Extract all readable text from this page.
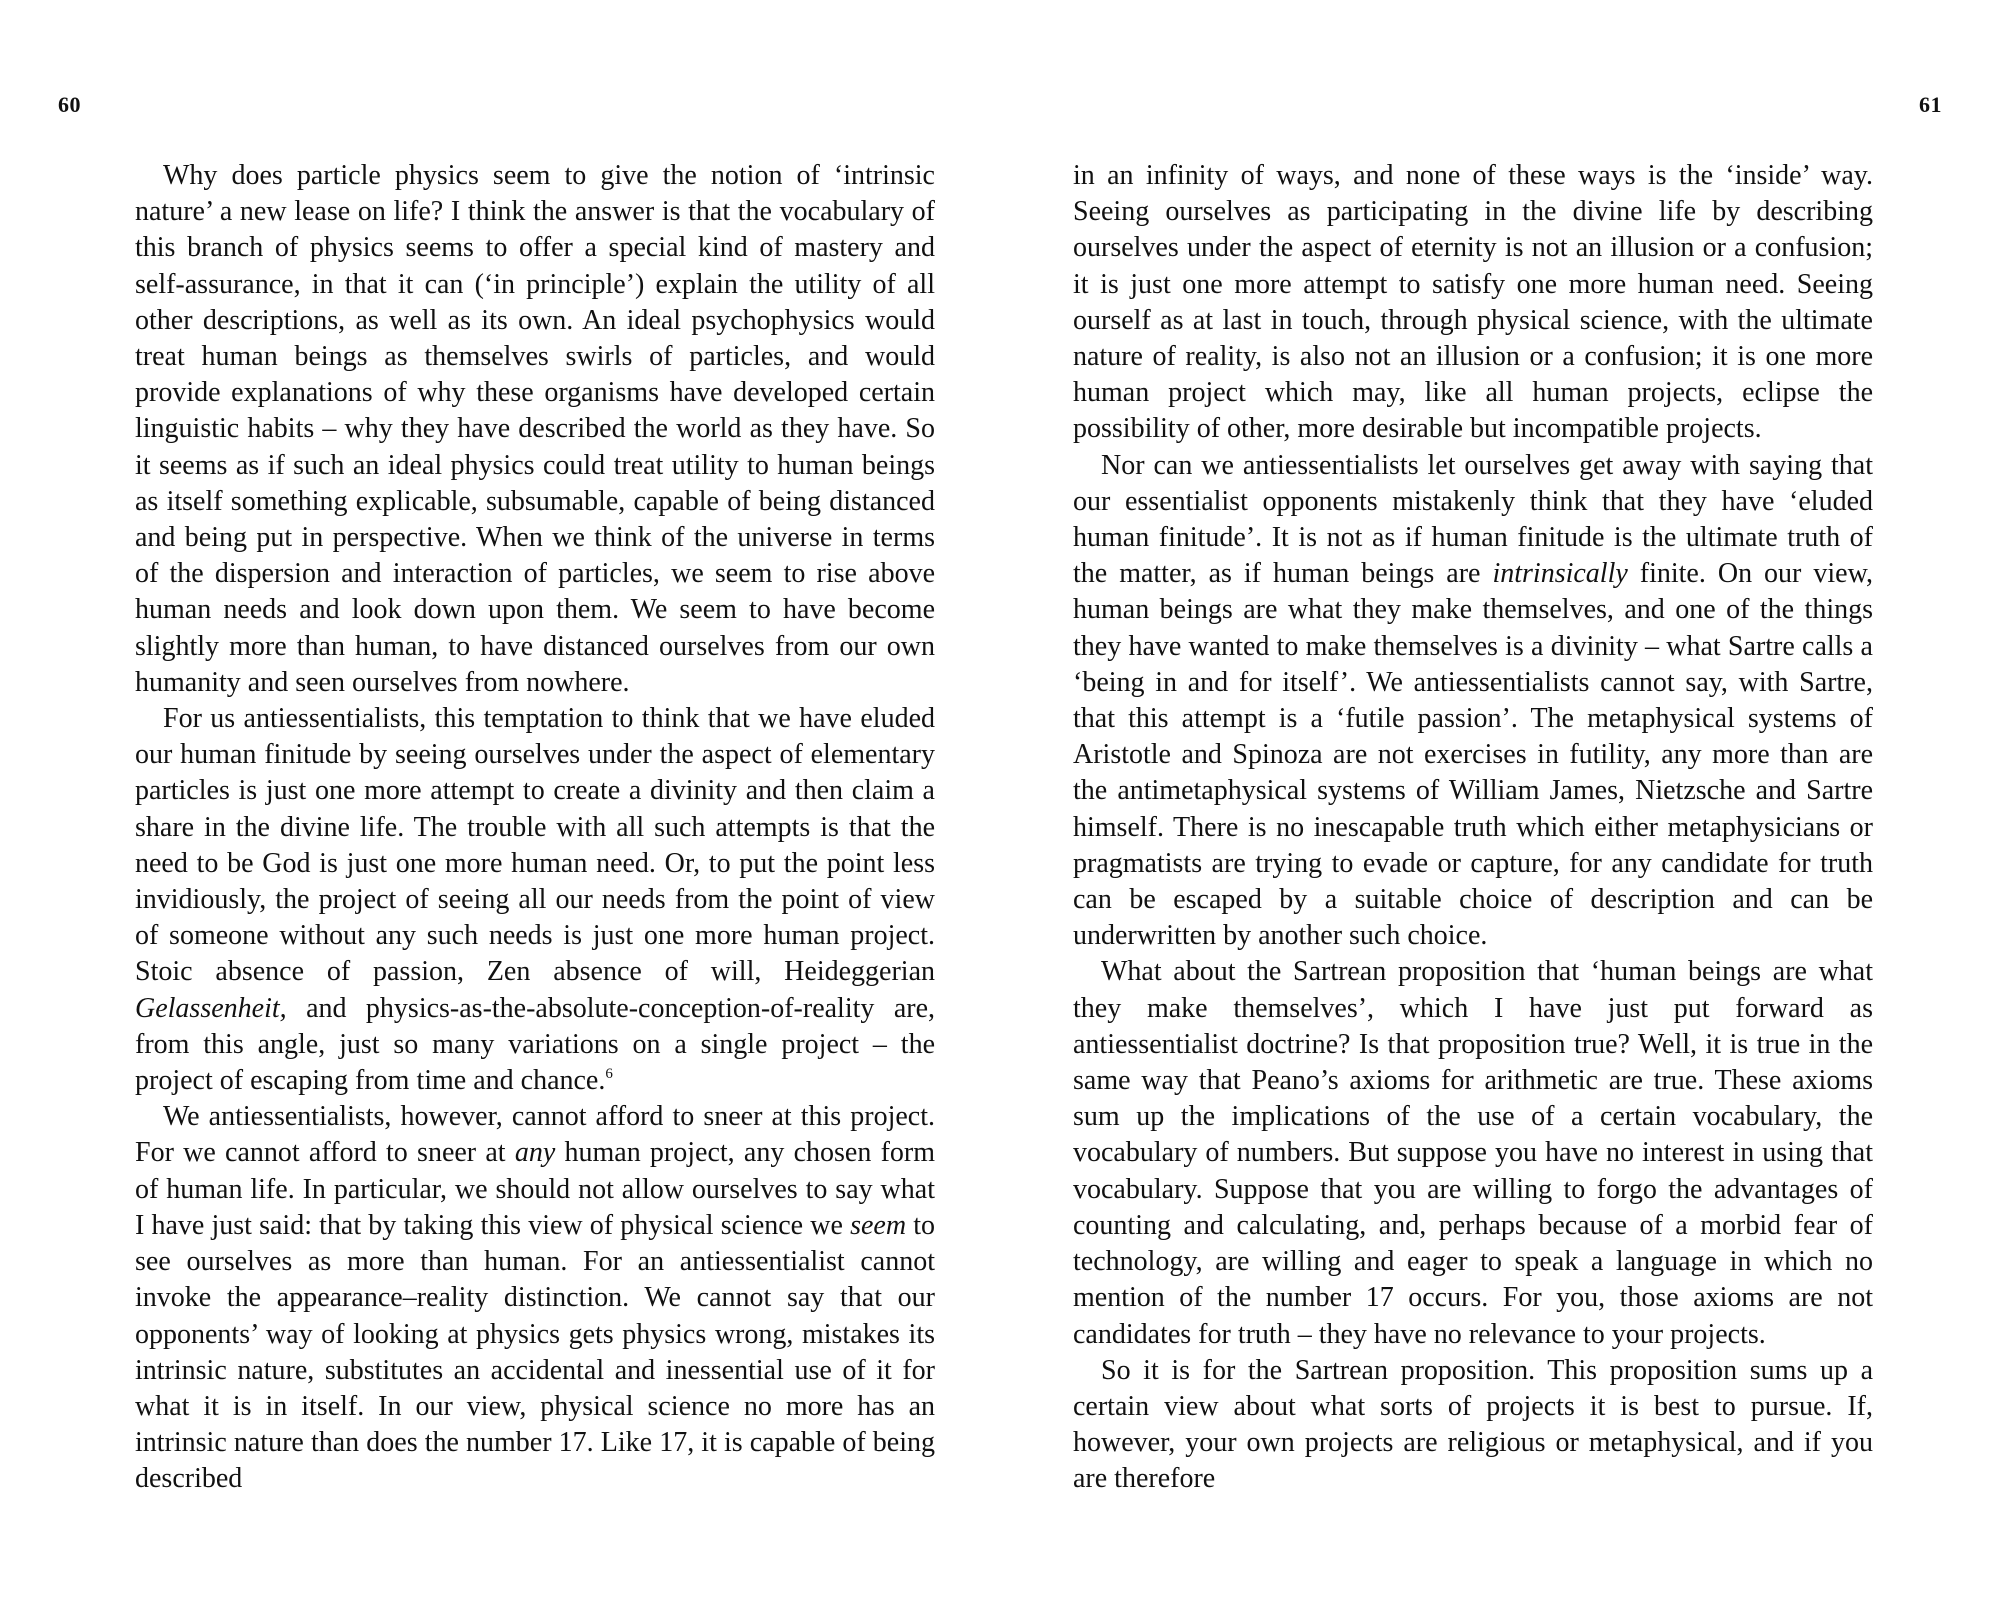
60	61

Why does particle physics seem to give the notion of ‘intrinsic nature’ a new lease on life? I think the answer is that the vocabulary of this branch of physics seems to offer a special kind of mastery and self-assurance, in that it can (‘in principle’) explain the utility of all other descriptions, as well as its own. An ideal psychophysics would treat human beings as themselves swirls of particles, and would provide explanations of why these organisms have developed certain linguistic habits – why they have described the world as they have. So it seems as if such an ideal physics could treat utility to human beings as itself something explicable, subsumable, capable of being distanced and being put in perspective. When we think of the universe in terms of the dispersion and interaction of particles, we seem to rise above human needs and look down upon them. We seem to have become slightly more than human, to have distanced ourselves from our own humanity and seen ourselves from nowhere.

For us antiessentialists, this temptation to think that we have eluded our human finitude by seeing ourselves under the aspect of elementary particles is just one more attempt to create a divinity and then claim a share in the divine life. The trouble with all such attempts is that the need to be God is just one more human need. Or, to put the point less invidiously, the project of seeing all our needs from the point of view of someone without any such needs is just one more human project. Stoic absence of passion, Zen absence of will, Heideggerian Gelassenheit, and physics-as-the-absolute-conception-of-reality are, from this angle, just so many variations on a single project – the project of escaping from time and chance.$^6$

We antiessentialists, however, cannot afford to sneer at this project. For we cannot afford to sneer at any human project, any chosen form of human life. In particular, we should not allow ourselves to say what I have just said: that by taking this view of physical science we seem to see ourselves as more than human. For an antiessentialist cannot invoke the appearance–reality distinction. We cannot say that our opponents’ way of looking at physics gets physics wrong, mistakes its intrinsic nature, substitutes an accidental and inessential use of it for what it is in itself. In our view, physical science no more has an intrinsic nature than does the number 17. Like 17, it is capable of being described

in an infinity of ways, and none of these ways is the ‘inside’ way. Seeing ourselves as participating in the divine life by describing ourselves under the aspect of eternity is not an illusion or a confusion; it is just one more attempt to satisfy one more human need. Seeing ourself as at last in touch, through physical science, with the ultimate nature of reality, is also not an illusion or a confusion; it is one more human project which may, like all human projects, eclipse the possibility of other, more desirable but incompatible projects.

Nor can we antiessentialists let ourselves get away with saying that our essentialist opponents mistakenly think that they have ‘eluded human finitude’. It is not as if human finitude is the ultimate truth of the matter, as if human beings are intrinsically finite. On our view, human beings are what they make themselves, and one of the things they have wanted to make themselves is a divinity – what Sartre calls a ‘being in and for itself’. We antiessentialists cannot say, with Sartre, that this attempt is a ‘futile passion’. The metaphysical systems of Aristotle and Spinoza are not exercises in futility, any more than are the antimetaphysical systems of William James, Nietzsche and Sartre himself. There is no inescapable truth which either metaphysicians or pragmatists are trying to evade or capture, for any candidate for truth can be escaped by a suitable choice of description and can be underwritten by another such choice.

What about the Sartrean proposition that ‘human beings are what they make themselves’, which I have just put forward as antiessentialist doctrine? Is that proposition true? Well, it is true in the same way that Peano’s axioms for arithmetic are true. These axioms sum up the implications of the use of a certain vocabulary, the vocabulary of numbers. But suppose you have no interest in using that vocabulary. Suppose that you are willing to forgo the advantages of counting and calculating, and, perhaps because of a morbid fear of technology, are willing and eager to speak a language in which no mention of the number 17 occurs. For you, those axioms are not candidates for truth – they have no relevance to your projects.

So it is for the Sartrean proposition. This proposition sums up a certain view about what sorts of projects it is best to pursue. If, however, your own projects are religious or metaphysical, and if you are therefore
